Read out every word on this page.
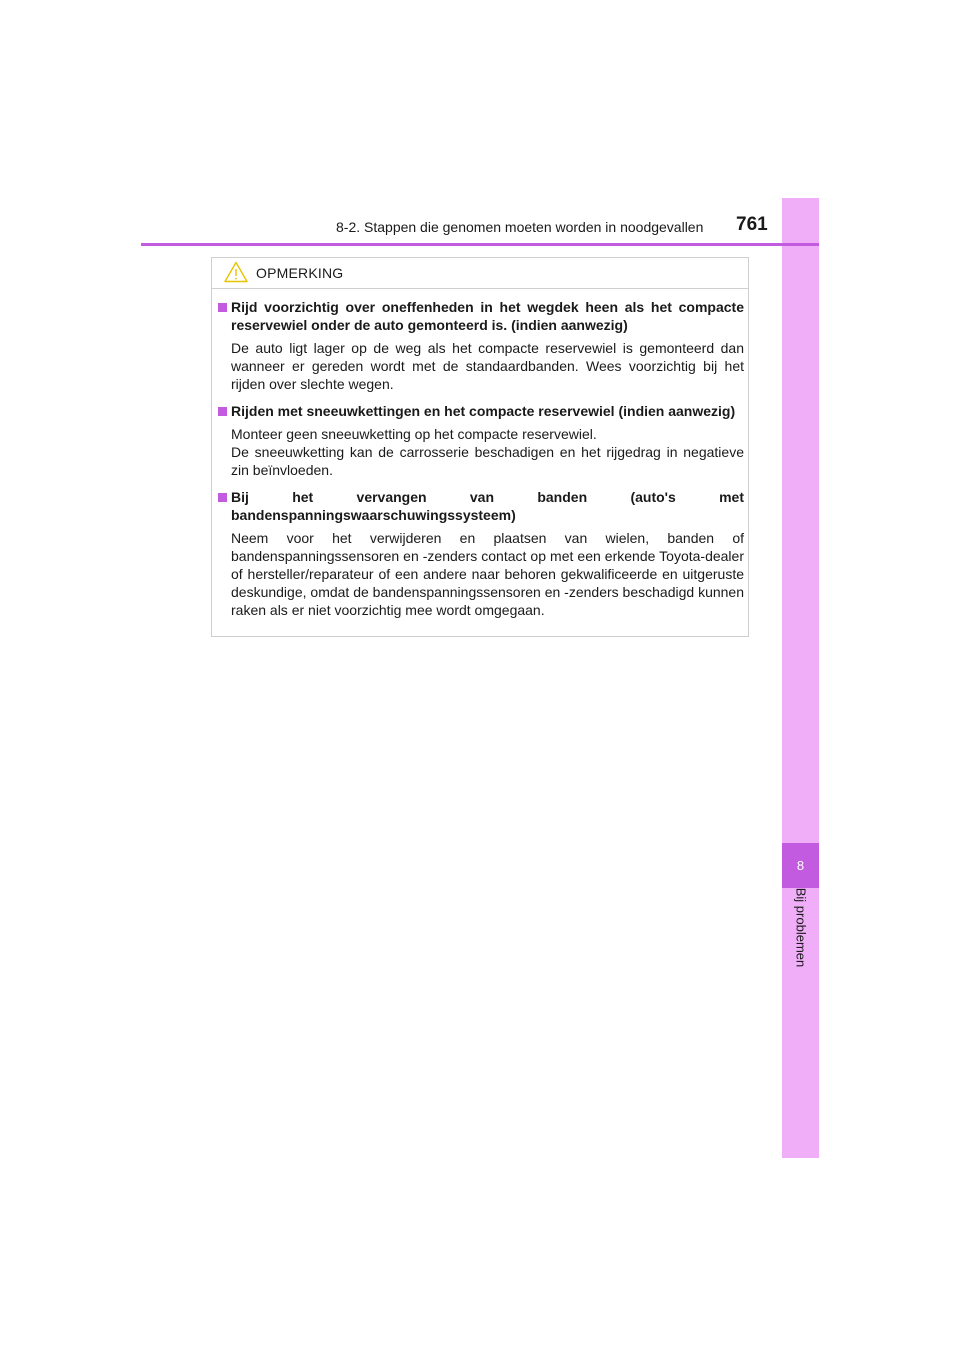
8
Bij problemen
8-2. Stappen die genomen moeten worden in noodgevallen 761
OPMERKING
Rijd voorzichtig over oneffenheden in het wegdek heen als het compacte reservewiel onder de auto gemonteerd is. (indien aanwezig)

De auto ligt lager op de weg als het compacte reservewiel is gemonteerd dan wanneer er gereden wordt met de standaardbanden. Wees voorzichtig bij het rijden over slechte wegen.

Rijden met sneeuwkettingen en het compacte reservewiel (indien aanwezig)

Monteer geen sneeuwketting op het compacte reservewiel.

De sneeuwketting kan de carrosserie beschadigen en het rijgedrag in negatieve zin beïnvloeden.

Bij het vervangen van banden (auto's met bandenspanningswaarschuwingssysteem)

Neem voor het verwijderen en plaatsen van wielen, banden of bandenspanningssensoren en -zenders contact op met een erkende Toyota-dealer of hersteller/reparateur of een andere naar behoren gekwalificeerde en uitgeruste deskundige, omdat de bandenspanningssensoren en -zenders beschadigd kunnen raken als er niet voorzichtig mee wordt omgegaan.
